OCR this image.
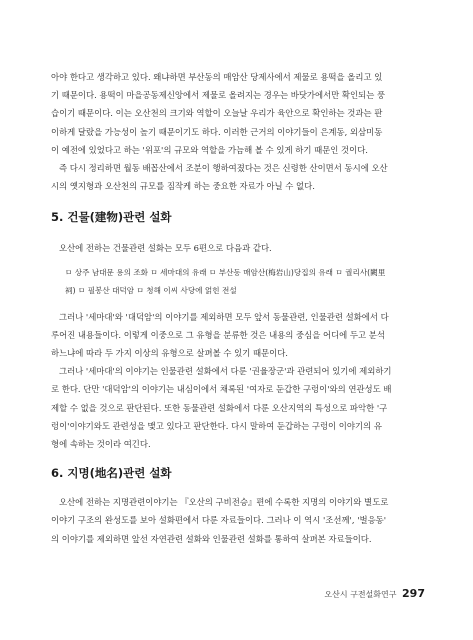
아야 한다고 생각하고 있다. 왜냐하면 부산동의 매암산 당제사에서 제물로 용떡을 올리고 있
기 때문이다. 용떡이 마을공동제신앙에서 제물로 올려지는 경우는 바닷가에서만 확인되는 풍
습이기 때문이다. 이는 오산천의 크기와 역할이 오늘날 우리가 육안으로 확인하는 것과는 판
이하게 달랐을 가능성이 높기 때문이기도 하다. 이러한 근거의 이야기들이 은계동, 외삼미동
이 예전에 있었다고 하는 '위포'의 규모와 역할을 가늠해 볼 수 있게 하기 때문인 것이다.
즉 다시 정리하면 월동 배꼽산에서 조분이 행하여졌다는 것은 신령한 산이면서 동시에 오산
시의 옛지형과 오산천의 규모를 짐작케 하는 중요한 자료가 아닐 수 없다.
5. 건물(建物)관련 설화
오산에 전하는 건물관련 설화는 모두 6편으로 다음과 같다.
ㅁ 상주 남대문 용의 조화 ㅁ 세마대의 유래 ㅁ 부산동 매암산(梅岩山)당집의 유래 ㅁ 궐리사(闕里
祠) ㅁ 필봉산 대덕암 ㅁ 청해 이씨 사당에 얽힌 전설
그러나 '세마대'와 '대덕암'의 이야기를 제외하면 모두 앞서 동물관련, 인물관련 설화에서 다
루어진 내용들이다. 이렇게 이중으로 그 유형을 분류한 것은 내용의 중심을 어디에 두고 분석
하느냐에 따라 두 가지 이상의 유형으로 살펴볼 수 있기 때문이다.
그러나 '세마대'의 이야기는 인물관련 설화에서 다룬 '권율장군'과 관련되어 있기에 제외하기
로 한다. 단만 '대덕암'의 이야기는 내심이에서 채록된 '여자로 둔갑한 구렁이'와의 연관성도 배
제할 수 없을 것으로 판단된다. 또한 동물관련 설화에서 다룬 오산지역의 특성으로 파악한 '구
렁이'이야기와도 관련성을 맺고 있다고 판단한다. 다시 말하여 둔갑하는 구렁이 이야기의 유
형에 속하는 것이라 여긴다.
6. 지명(地名)관련 설화
오산에 전하는 지명관련이야기는 『오산의 구비전승』편에 수록한 지명의 이야기와 별도로
이야기 구조의 완성도를 보아 설화편에서 다룬 자료들이다. 그러나 이 역시 '조선께', '벌응동'
의 이야기를 제외하면 앞선 자연관련 설화와 인물관련 설화를 통하여 살펴본 자료들이다.
오산시 구전설화연구 297
